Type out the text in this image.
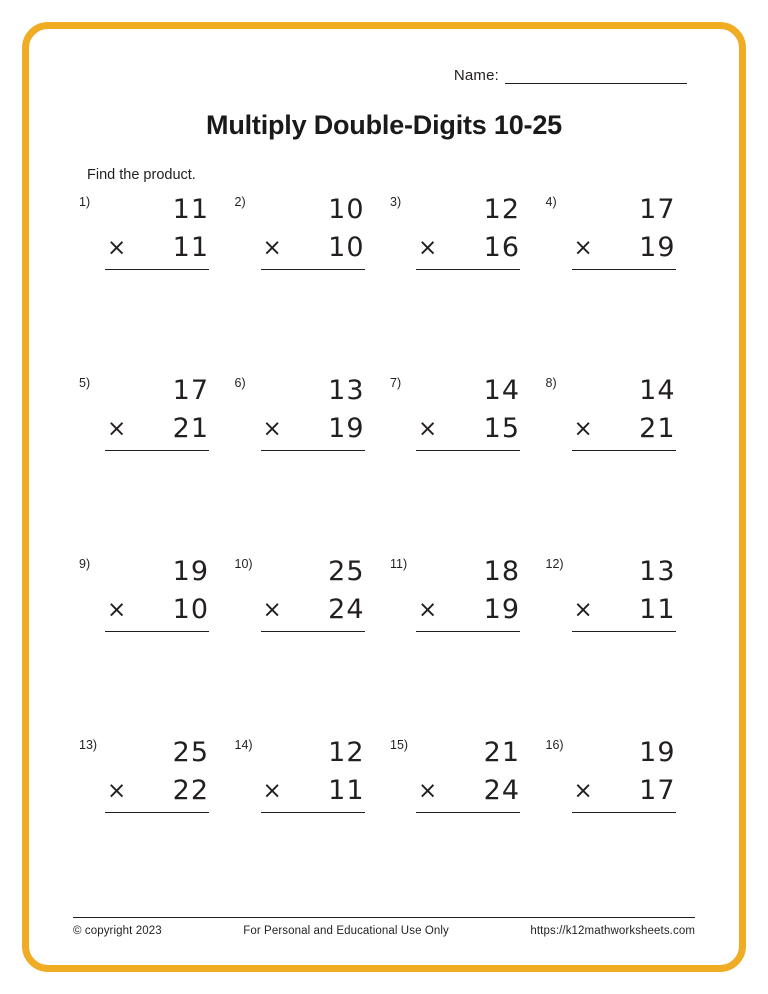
Name:
Multiply Double-Digits 10-25
Find the product.
1)	11
× 11
2)	10
× 10
3)	12
× 16
4)	17
× 19
5)	17
× 21
6)	13
× 19
7)	14
× 15
8)	14
× 21
9)	19
× 10
10)	25
× 24
11)	18
× 19
12)	13
× 11
13)	25
× 22
14)	12
× 11
15)	21
× 24
16)	19
× 17
© copyright 2023	For Personal and Educational Use Only	https://k12mathworksheets.com
